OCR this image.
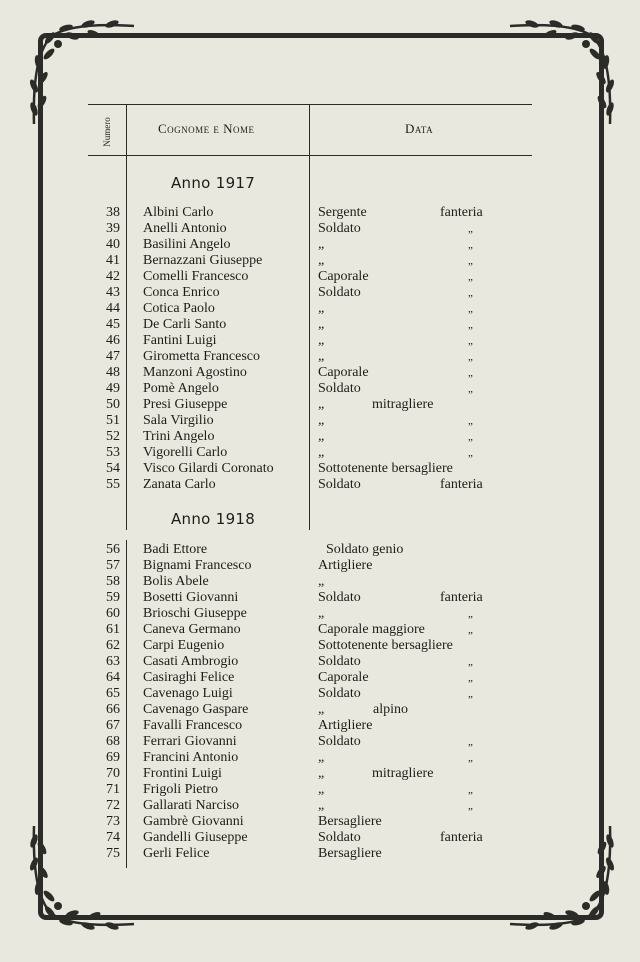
Numero	Cognome e Nome	Data
Anno 1917
38 Albini Carlo	Sergente	fanteria
39 Anelli Antonio	Soldato	„
40 Basilini Angelo	„	„
41 Bernazzani Giuseppe	„	„
42 Comelli Francesco	Caporale	„
43 Conca Enrico	Soldato	„
44 Cotica Paolo	„	„
45 De Carli Santo	„	„
46 Fantini Luigi	„	„
47 Girometta Francesco	„	„
48 Manzoni Agostino	Caporale	„
49 Pomè Angelo	Soldato	„
50 Presi Giuseppe	„	mitragliere
51 Sala Virgilio	„	„
52 Trini Angelo	„	„
53 Vigorelli Carlo	„	„
54 Visco Gilardi Coronato	Sottotenente bersagliere
55 Zanata Carlo	Soldato	fanteria
Anno 1918
56 Badi Ettore	Soldato genio
57 Bignami Francesco	Artigliere
58 Bolis Abele	„
59 Bosetti Giovanni	Soldato	fanteria
60 Brioschi Giuseppe	„	„
61 Caneva Germano	Caporale maggiore	„
62 Carpi Eugenio	Sottotenente bersagliere
63 Casati Ambrogio	Soldato	„
64 Casiraghi Felice	Caporale	„
65 Cavenago Luigi	Soldato	„
66 Cavenago Gaspare	„	alpino
67 Favalli Francesco	Artigliere
68 Ferrari Giovanni	Soldato	„
69 Francini Antonio	„	„
70 Frontini Luigi	„	mitragliere
71 Frigoli Pietro	„	„
72 Gallarati Narciso	„	„
73 Gambrè Giovanni	Bersagliere
74 Gandelli Giuseppe	Soldato	fanteria
75 Gerli Felice	Bersagliere
